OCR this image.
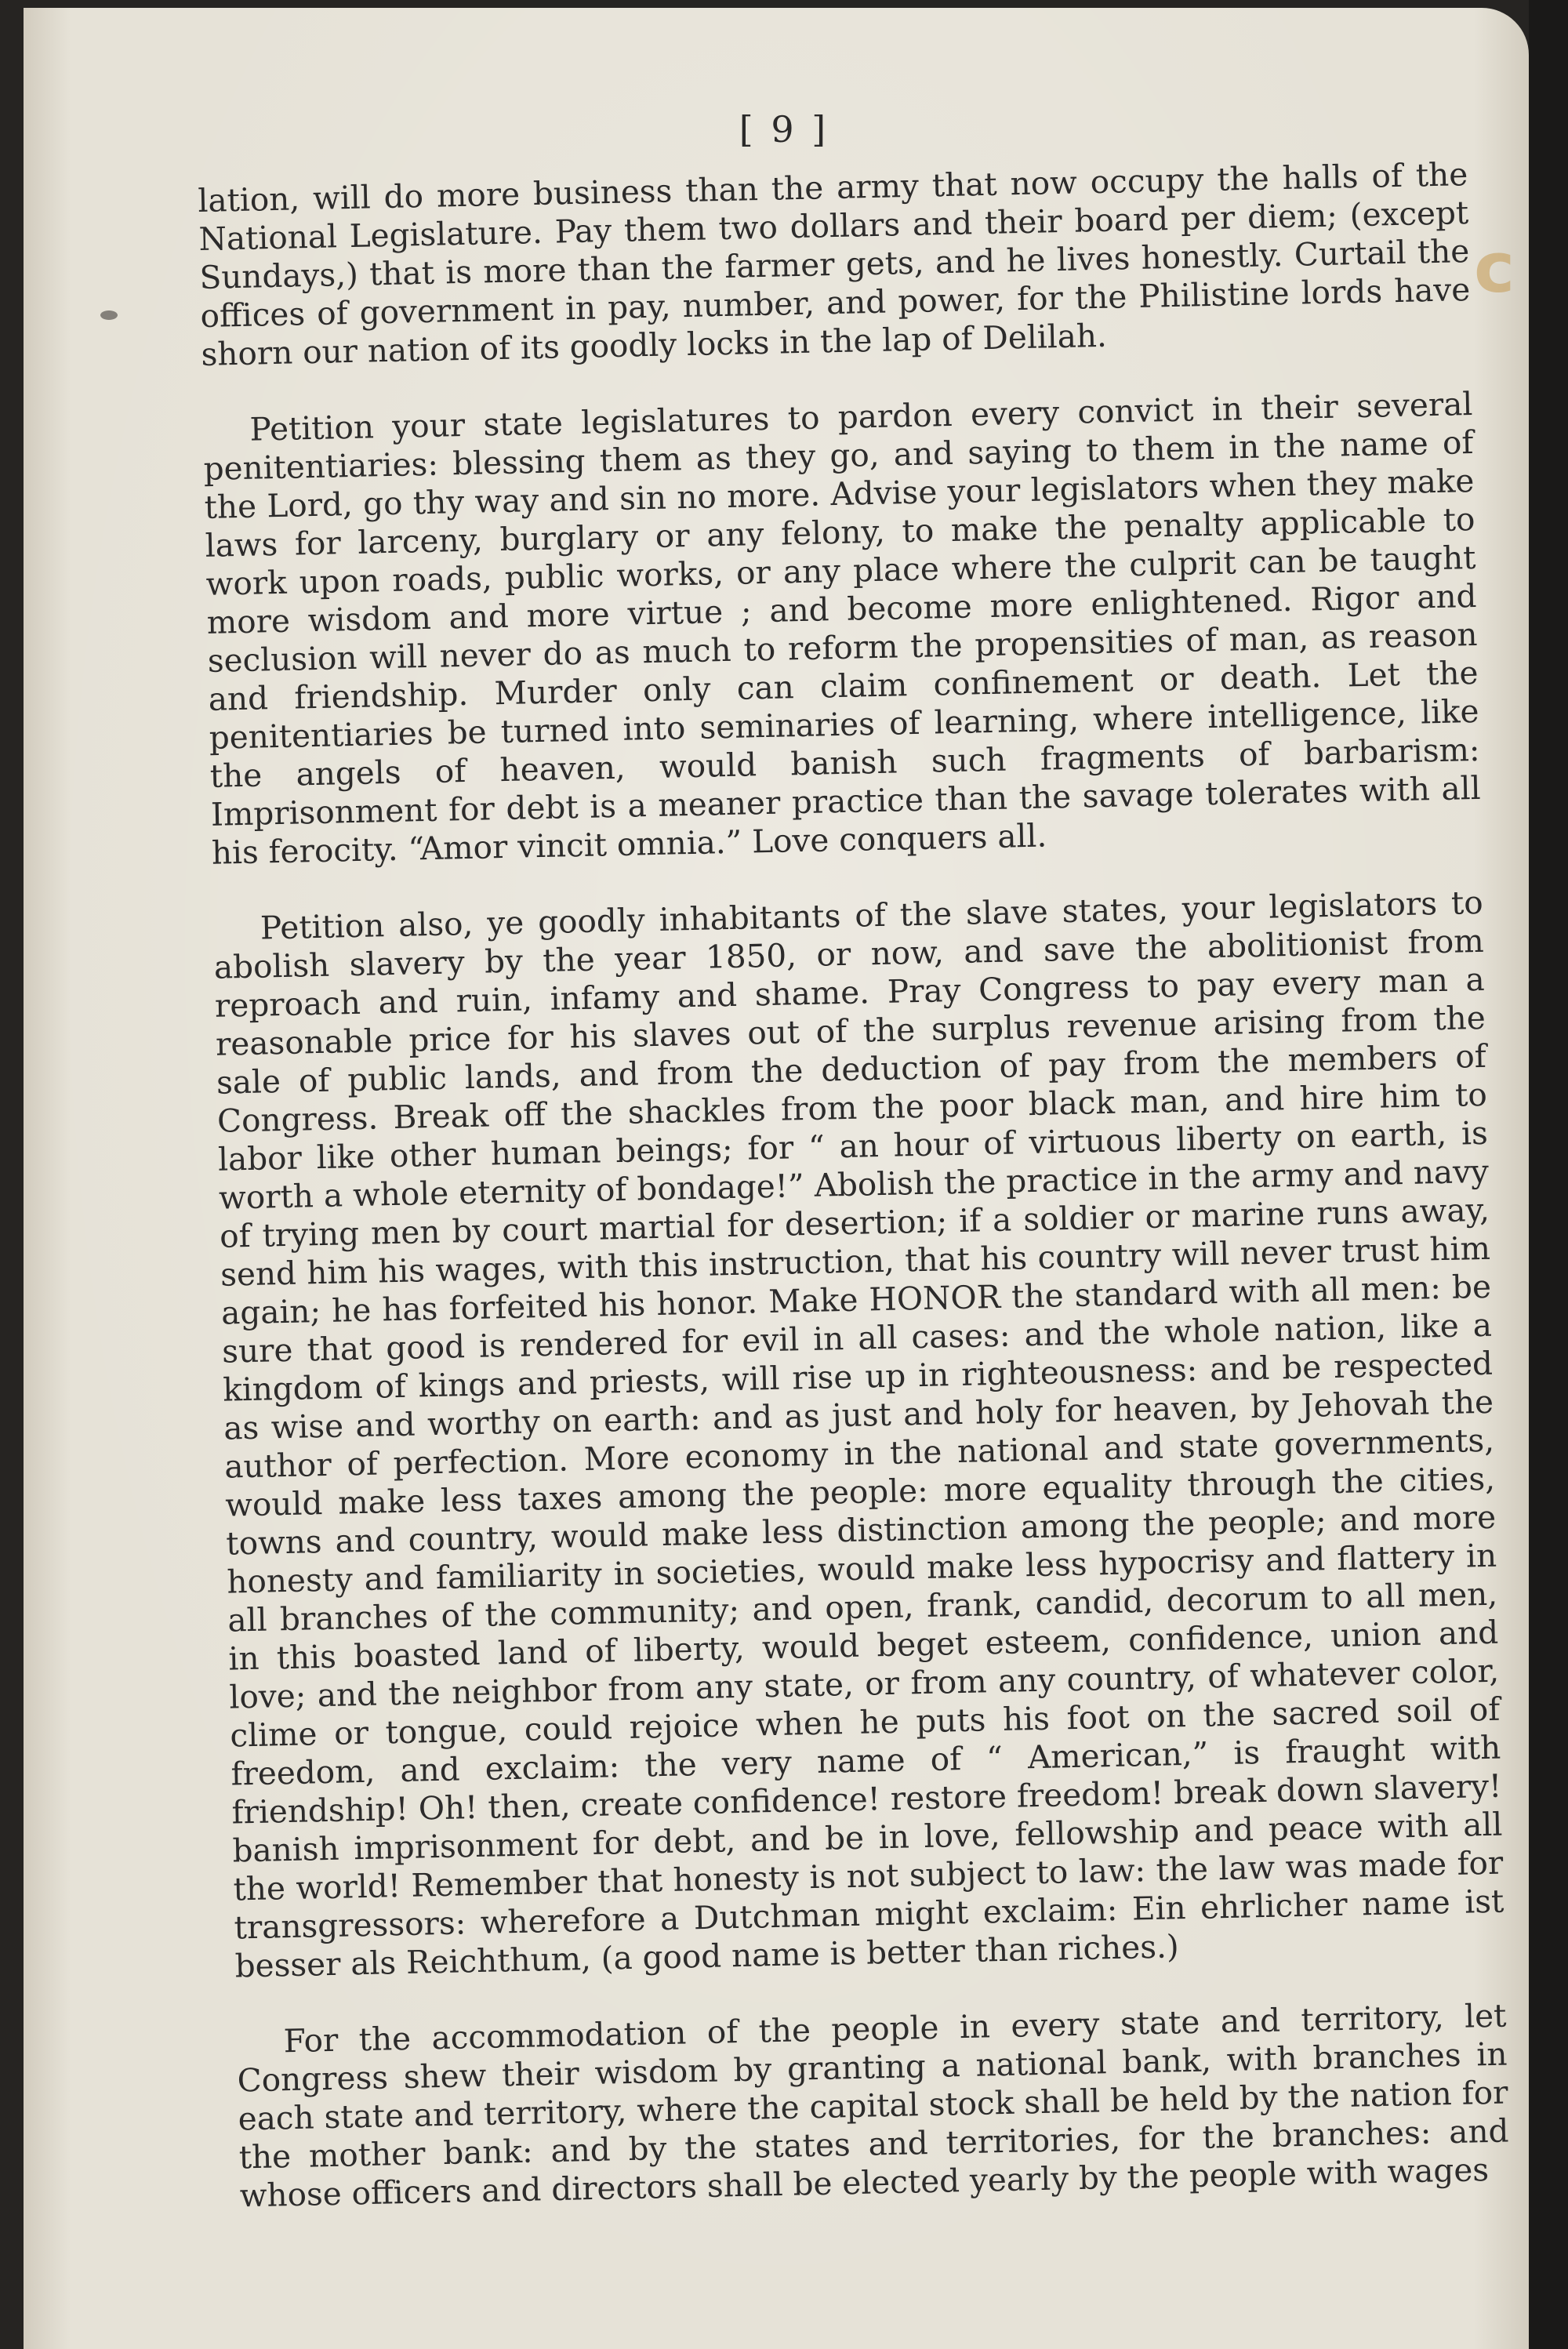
[ 9 ]
c

lation, will do more business than the army that now occupy the halls of the National Legislature. Pay them two dollars and their board per diem; (except Sundays,) that is more than the farmer gets, and he lives honestly. Curtail the offices of government in pay, number, and power, for the Philistine lords have shorn our nation of its goodly locks in the lap of Delilah.

Petition your state legislatures to pardon every convict in their several penitentiaries: blessing them as they go, and saying to them in the name of the Lord, go thy way and sin no more. Advise your legislators when they make laws for larceny, burglary or any felony, to make the penalty applicable to work upon roads, public works, or any place where the culprit can be taught more wisdom and more virtue ; and become more enlightened. Rigor and seclusion will never do as much to reform the propensities of man, as reason and friendship. Murder only can claim confinement or death. Let the penitentiaries be turned into seminaries of learning, where intelligence, like the angels of heaven, would banish such fragments of barbarism: Imprisonment for debt is a meaner practice than the savage tolerates with all his ferocity. “Amor vincit omnia.” Love conquers all.

Petition also, ye goodly inhabitants of the slave states, your legislators to abolish slavery by the year 1850, or now, and save the abolitionist from reproach and ruin, infamy and shame. Pray Congress to pay every man a reasonable price for his slaves out of the surplus revenue arising from the sale of public lands, and from the deduction of pay from the members of Congress. Break off the shackles from the poor black man, and hire him to labor like other human beings; for “ an hour of virtuous liberty on earth, is worth a whole eternity of bondage!” Abolish the practice in the army and navy of trying men by court martial for desertion; if a soldier or marine runs away, send him his wages, with this instruction, that his country will never trust him again; he has forfeited his honor. Make HONOR the standard with all men: be sure that good is rendered for evil in all cases: and the whole nation, like a kingdom of kings and priests, will rise up in righteousness: and be respected as wise and worthy on earth: and as just and holy for heaven, by Jehovah the author of perfection. More economy in the national and state governments, would make less taxes among the people: more equality through the cities, towns and country, would make less distinction among the people; and more honesty and familiarity in societies, would make less hypocrisy and flattery in all branches of the community; and open, frank, candid, decorum to all men, in this boasted land of liberty, would beget esteem, confidence, union and love; and the neighbor from any state, or from any country, of whatever color, clime or tongue, could rejoice when he puts his foot on the sacred soil of freedom, and exclaim: the very name of “ American,” is fraught with friendship! Oh! then, create confidence! restore freedom! break down slavery! banish imprisonment for debt, and be in love, fellowship and peace with all the world! Remember that honesty is not subject to law: the law was made for transgressors: wherefore a Dutchman might exclaim: Ein ehrlicher name ist besser als Reichthum, (a good name is better than riches.)

For the accommodation of the people in every state and territory, let Congress shew their wisdom by granting a national bank, with branches in each state and territory, where the capital stock shall be held by the nation for the mother bank: and by the states and territories, for the branches: and whose officers and directors shall be elected yearly by the people with wages
